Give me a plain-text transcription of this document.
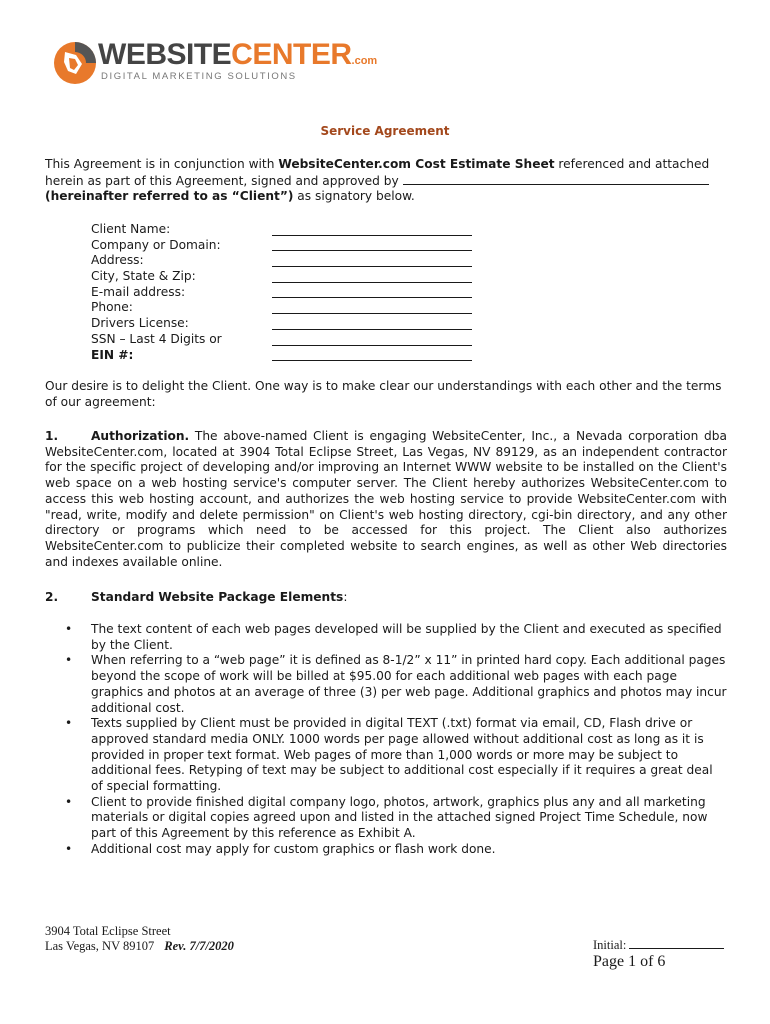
WEBSITECENTER.com
DIGITAL MARKETING SOLUTIONS
Service Agreement
This Agreement is in conjunction with WebsiteCenter.com Cost Estimate Sheet referenced and attached herein as part of this Agreement, signed and approved by
(hereinafter referred to as “Client”) as signatory below.
Client Name:
Company or Domain:
Address:
City, State & Zip:
E-mail address:
Phone:
Drivers License:
SSN – Last 4 Digits or
EIN #:
Our desire is to delight the Client. One way is to make clear our understandings with each other and the terms of our agreement:
1.	Authorization. The above-named Client is engaging WebsiteCenter, Inc., a Nevada corporation dba WebsiteCenter.com, located at 3904 Total Eclipse Street, Las Vegas, NV 89129, as an independent contractor for the specific project of developing and/or improving an Internet WWW website to be installed on the Client's web space on a web hosting service's computer server. The Client hereby authorizes WebsiteCenter.com to access this web hosting account, and authorizes the web hosting service to provide WebsiteCenter.com with "read, write, modify and delete permission" on Client's web hosting directory, cgi-bin directory, and any other directory or programs which need to be accessed for this project. The Client also authorizes WebsiteCenter.com to publicize their completed website to search engines, as well as other Web directories and indexes available online.
2.	Standard Website Package Elements:
• The text content of each web pages developed will be supplied by the Client and executed as specified by the Client.
• When referring to a “web page” it is defined as 8-1/2” x 11” in printed hard copy. Each additional pages beyond the scope of work will be billed at $95.00 for each additional web pages with each page graphics and photos at an average of three (3) per web page. Additional graphics and photos may incur additional cost.
• Texts supplied by Client must be provided in digital TEXT (.txt) format via email, CD, Flash drive or approved standard media ONLY. 1000 words per page allowed without additional cost as long as it is provided in proper text format. Web pages of more than 1,000 words or more may be subject to additional fees. Retyping of text may be subject to additional cost especially if it requires a great deal of special formatting.
• Client to provide finished digital company logo, photos, artwork, graphics plus any and all marketing materials or digital copies agreed upon and listed in the attached signed Project Time Schedule, now part of this Agreement by this reference as Exhibit A.
• Additional cost may apply for custom graphics or flash work done.
3904 Total Eclipse Street
Las Vegas, NV 89107 Rev. 7/7/2020	Initial:
Page 1 of 6
